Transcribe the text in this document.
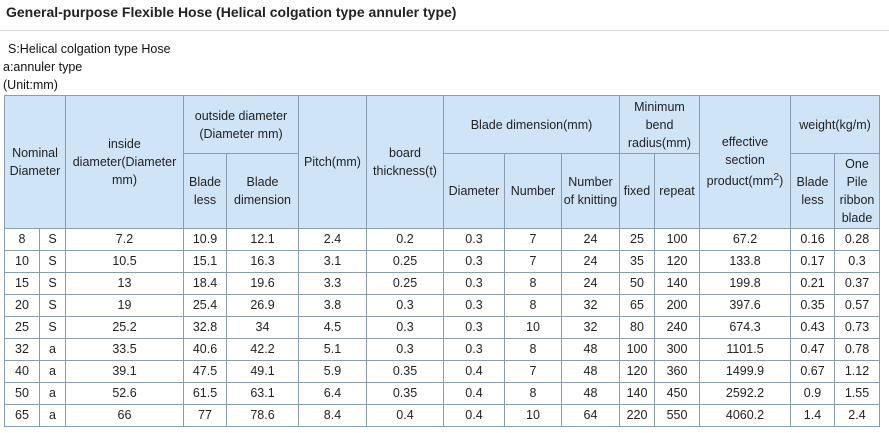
General-purpose Flexible Hose (Helical colgation type annuler type)
S:Helical colgation type Hose
a:annuler type
(Unit:mm)
Nominal Diameter		inside diameter(Diameter mm)	outside diameter (Diameter mm)		Pitch(mm)	board thickness(t)	Blade dimension(mm)			Minimum bend radius(mm)		effective section $product(mm^2)$	weight(kg/m)	
			Blade less	Blade dimension			Diameter	Number	Number of knitting	fixed	repeat		Blade less	One Pile ribbon blade
8	S	7.2	10.9	12.1	2.4	0.2	0.3	7	24	25	100	67.2	0.16	0.28
10	S	10.5	15.1	16.3	3.1	0.25	0.3	7	24	35	120	133.8	0.17	0.3
15	S	13	18.4	19.6	3.3	0.25	0.3	8	24	50	140	199.8	0.21	0.37
20	S	19	25.4	26.9	3.8	0.3	0.3	8	32	65	200	397.6	0.35	0.57
25	S	25.2	32.8	34	4.5	0.3	0.3	10	32	80	240	674.3	0.43	0.73
32	a	33.5	40.6	42.2	5.1	0.3	0.3	8	48	100	300	1101.5	0.47	0.78
40	a	39.1	47.5	49.1	5.9	0.35	0.4	7	48	120	360	1499.9	0.67	1.12
50	a	52.6	61.5	63.1	6.4	0.35	0.4	8	48	140	450	2592.2	0.9	1.55
65	a	66	77	78.6	8.4	0.4	0.4	10	64	220	550	4060.2	1.4	2.4
